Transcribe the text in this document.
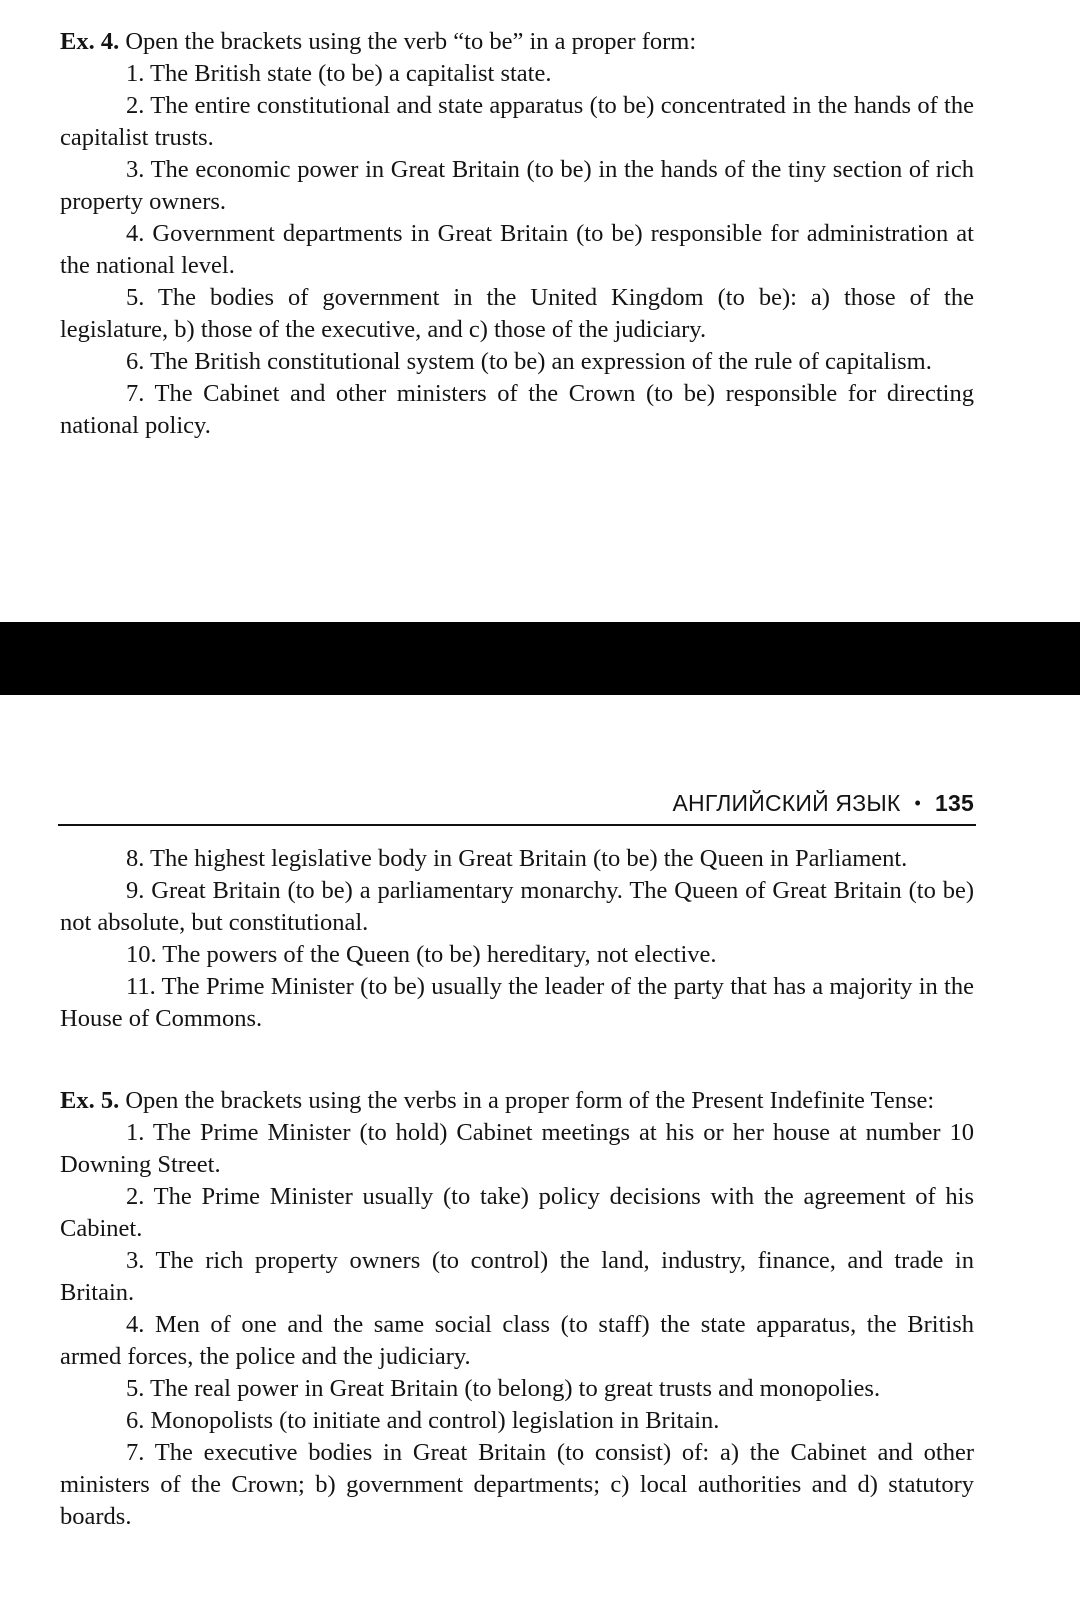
Ex. 4. Open the brackets using the verb “to be” in a proper form:

1. The British state (to be) a capitalist state.

2. The entire constitutional and state apparatus (to be) concentrated in the hands of the capitalist trusts.

3. The economic power in Great Britain (to be) in the hands of the tiny section of rich property owners.

4. Government departments in Great Britain (to be) responsible for administration at the national level.

5. The bodies of government in the United Kingdom (to be): a) those of the legislature, b) those of the executive, and c) those of the judiciary.

6. The British constitutional system (to be) an expression of the rule of capitalism.

7. The Cabinet and other ministers of the Crown (to be) responsible for directing national policy.

АНГЛИЙСКИЙ ЯЗЫК • 135

8. The highest legislative body in Great Britain (to be) the Queen in Parliament.

9. Great Britain (to be) a parliamentary monarchy. The Queen of Great Britain (to be) not absolute, but constitutional.

10. The powers of the Queen (to be) hereditary, not elective.

11. The Prime Minister (to be) usually the leader of the party that has a majority in the House of Commons.

Ex. 5. Open the brackets using the verbs in a proper form of the Present Indefinite Tense:

1. The Prime Minister (to hold) Cabinet meetings at his or her house at number 10 Downing Street.

2. The Prime Minister usually (to take) policy decisions with the agreement of his Cabinet.

3. The rich property owners (to control) the land, industry, finance, and trade in Britain.

4. Men of one and the same social class (to staff) the state apparatus, the British armed forces, the police and the judiciary.

5. The real power in Great Britain (to belong) to great trusts and monopolies.

6. Monopolists (to initiate and control) legislation in Britain.

7. The executive bodies in Great Britain (to consist) of: a) the Cabinet and other ministers of the Crown; b) government departments; c) local authorities and d) statutory boards.
